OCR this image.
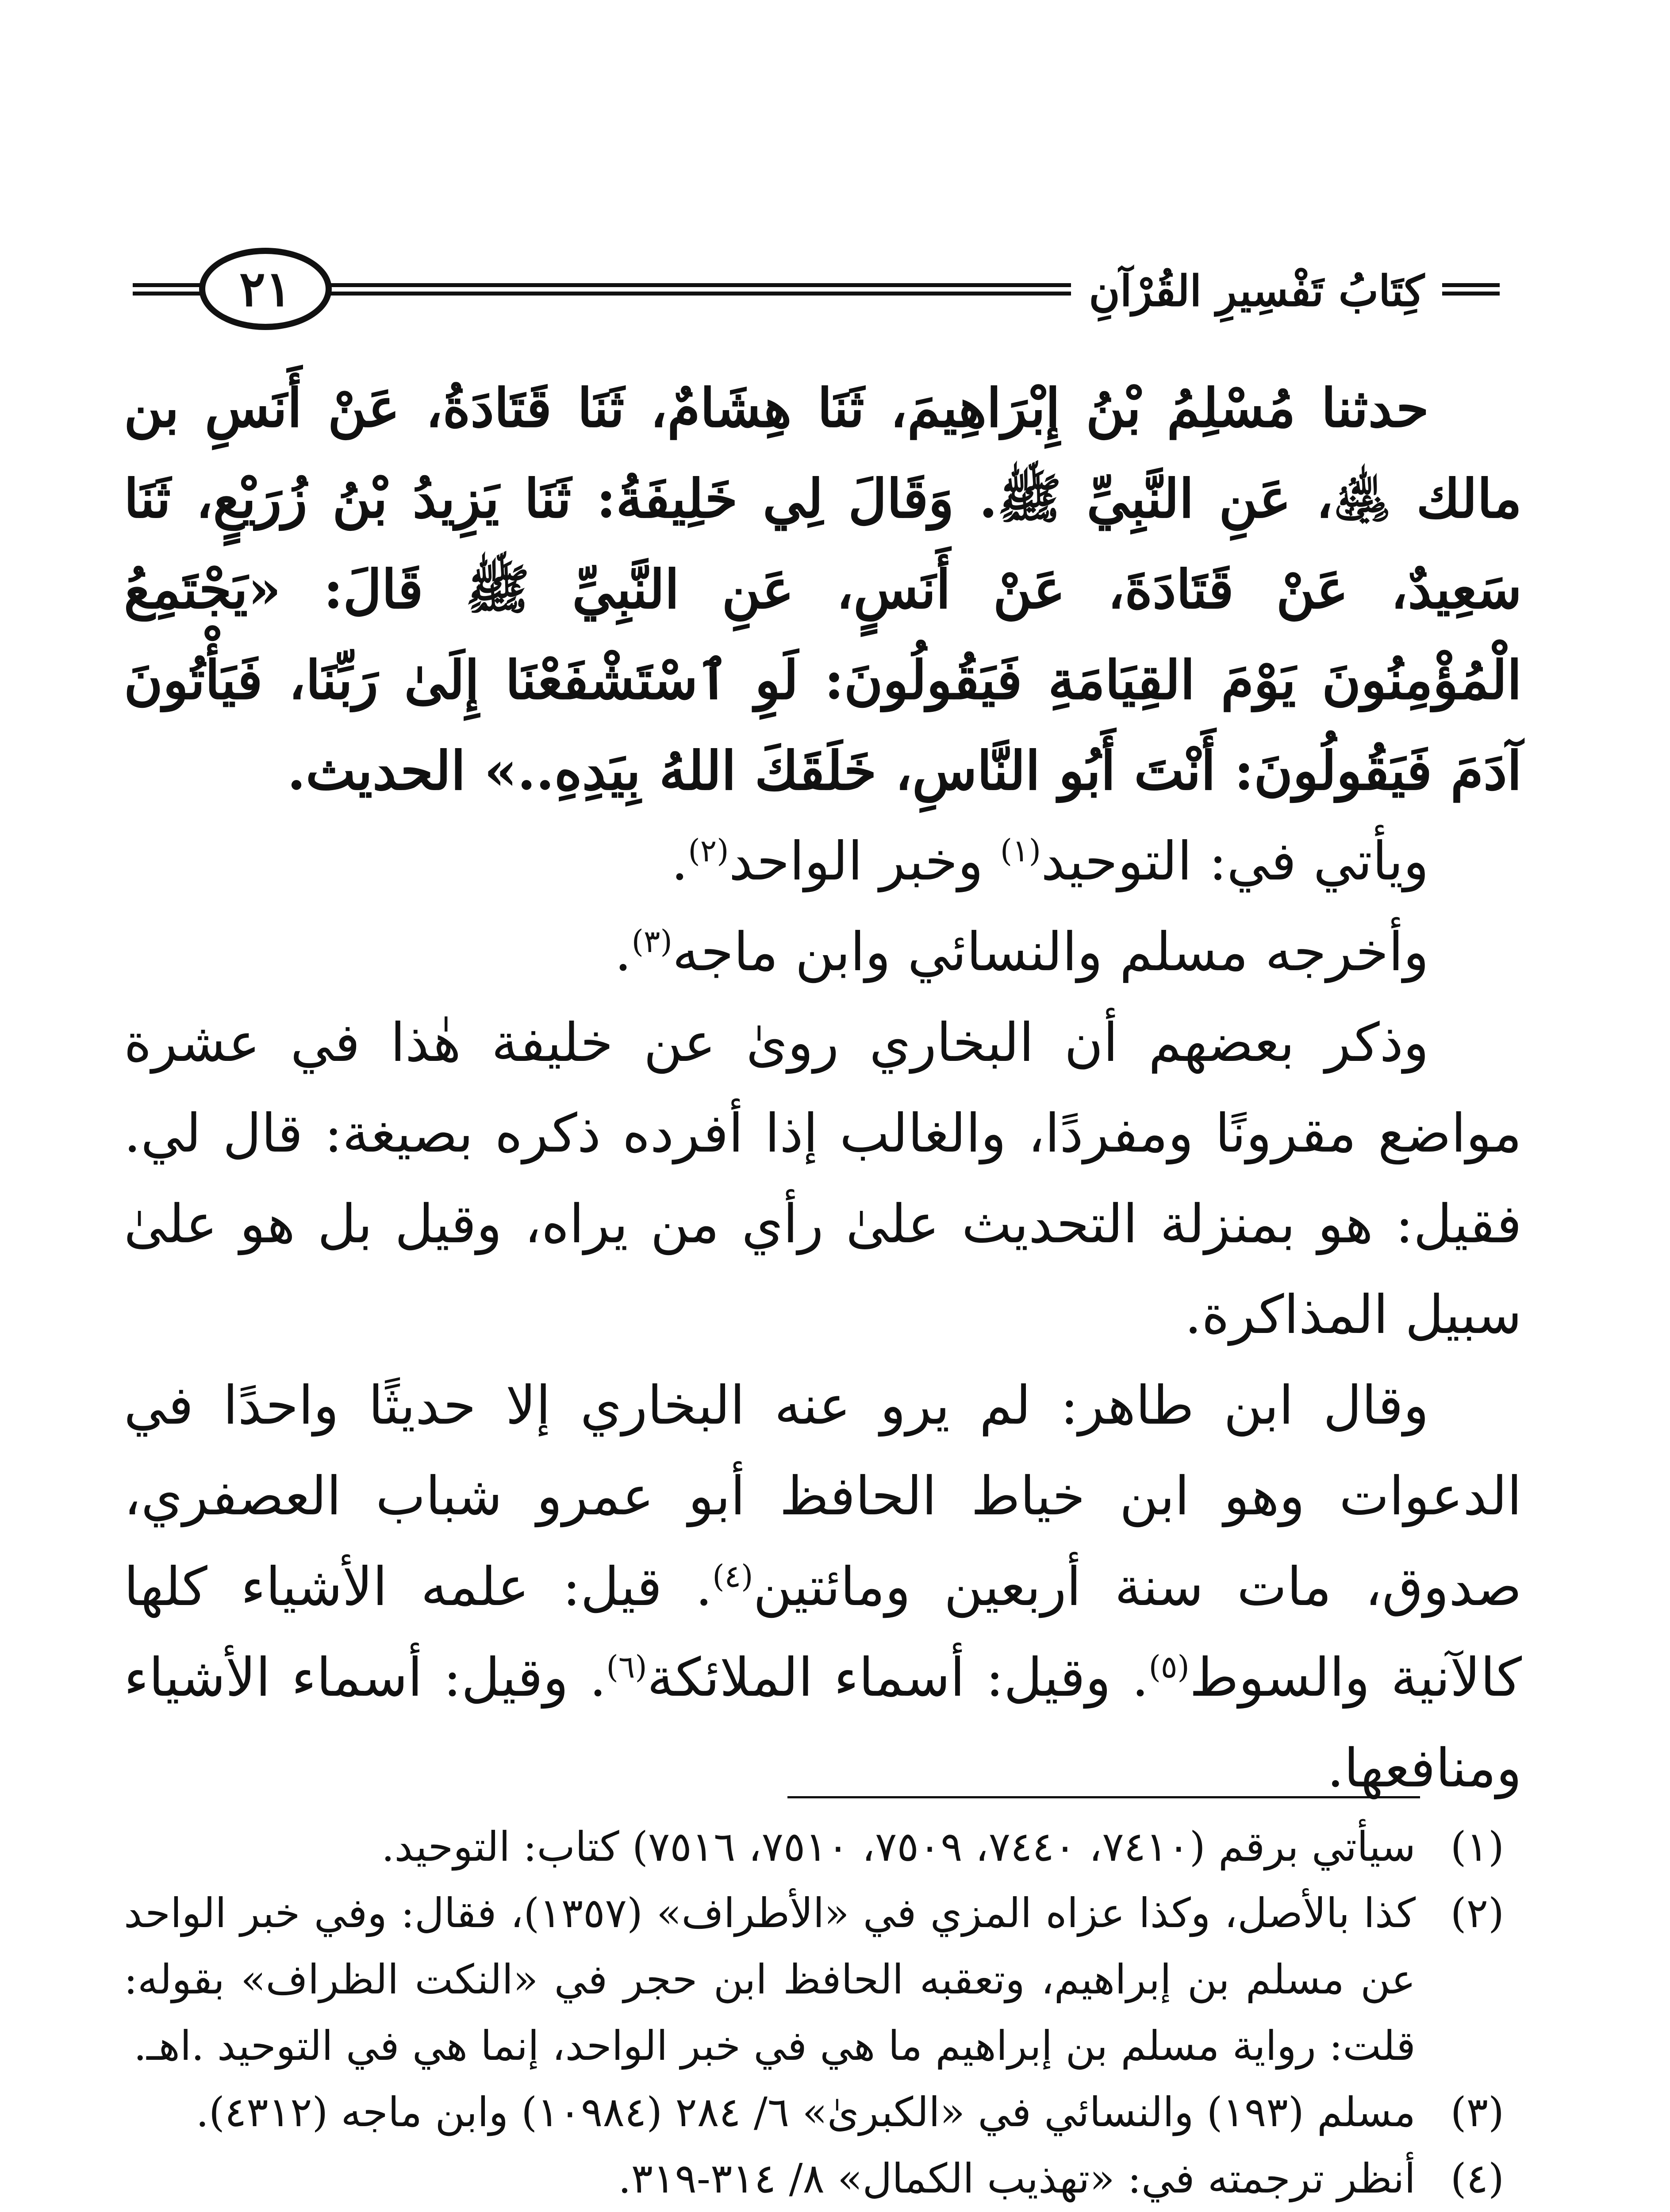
كِتَابُ تَفْسِيرِ القُرْآنِ
٢١

حدثنا مُسْلِمُ بْنُ إِبْرَاهِيمَ، ثَنَا هِشَامٌ، ثَنَا قَتَادَةُ، عَنْ أَنَسِ بن مالك ﵁، عَنِ النَّبِيِّ ﷺ. وَقَالَ لِي خَلِيفَةُ: ثَنَا يَزِيدُ بْنُ زُرَيْعٍ، ثَنَا سَعِيدٌ، عَنْ قَتَادَةَ، عَنْ أَنَسٍ، عَنِ النَّبِيِّ ﷺ قَالَ: «يَجْتَمِعُ الْمُؤْمِنُونَ يَوْمَ القِيَامَةِ فَيَقُولُونَ: لَوِ ٱسْتَشْفَعْنَا إِلَىٰ رَبِّنَا، فَيَأْتُونَ آدَمَ فَيَقُولُونَ: أَنْتَ أَبُو النَّاسِ، خَلَقَكَ اللهُ بِيَدِهِ..» الحديث.

ويأتي في: التوحيد$^{(١)}$ وخبر الواحد$^{(٢)}$.

وأخرجه مسلم والنسائي وابن ماجه$^{(٣)}$.

وذكر بعضهم أن البخاري روىٰ عن خليفة هٰذا في عشرة مواضع مقرونًا ومفردًا، والغالب إذا أفرده ذكره بصيغة: قال لي. فقيل: هو بمنزلة التحديث علىٰ رأي من يراه، وقيل بل هو علىٰ سبيل المذاكرة.

وقال ابن طاهر: لم يرو عنه البخاري إلا حديثًا واحدًا في الدعوات وهو ابن خياط الحافظ أبو عمرو شباب العصفري، صدوق، مات سنة أربعين ومائتين$^{(٤)}$. قيل: علمه الأشياء كلها كالآنية والسوط$^{(٥)}$. وقيل: أسماء الملائكة$^{(٦)}$. وقيل: أسماء الأشياء ومنافعها.

(١)
سيأتي برقم (٧٤١٠، ٧٤٤٠، ٧٥٠٩، ٧٥١٠، ٧٥١٦) كتاب: التوحيد.
(٢)
كذا بالأصل، وكذا عزاه المزي في «الأطراف» (١٣٥٧)، فقال: وفي خبر الواحد عن مسلم بن إبراهيم، وتعقبه الحافظ ابن حجر في «النكت الظراف» بقوله: قلت: رواية مسلم بن إبراهيم ما هي في خبر الواحد، إنما هي في التوحيد .اهـ.
(٣)
مسلم (١٩٣) والنسائي في «الكبرىٰ» ٦/ ٢٨٤ (١٠٩٨٤) وابن ماجه (٤٣١٢).
(٤)
أنظر ترجمته في: «تهذيب الكمال» ٨/ ٣١٤-٣١٩.
